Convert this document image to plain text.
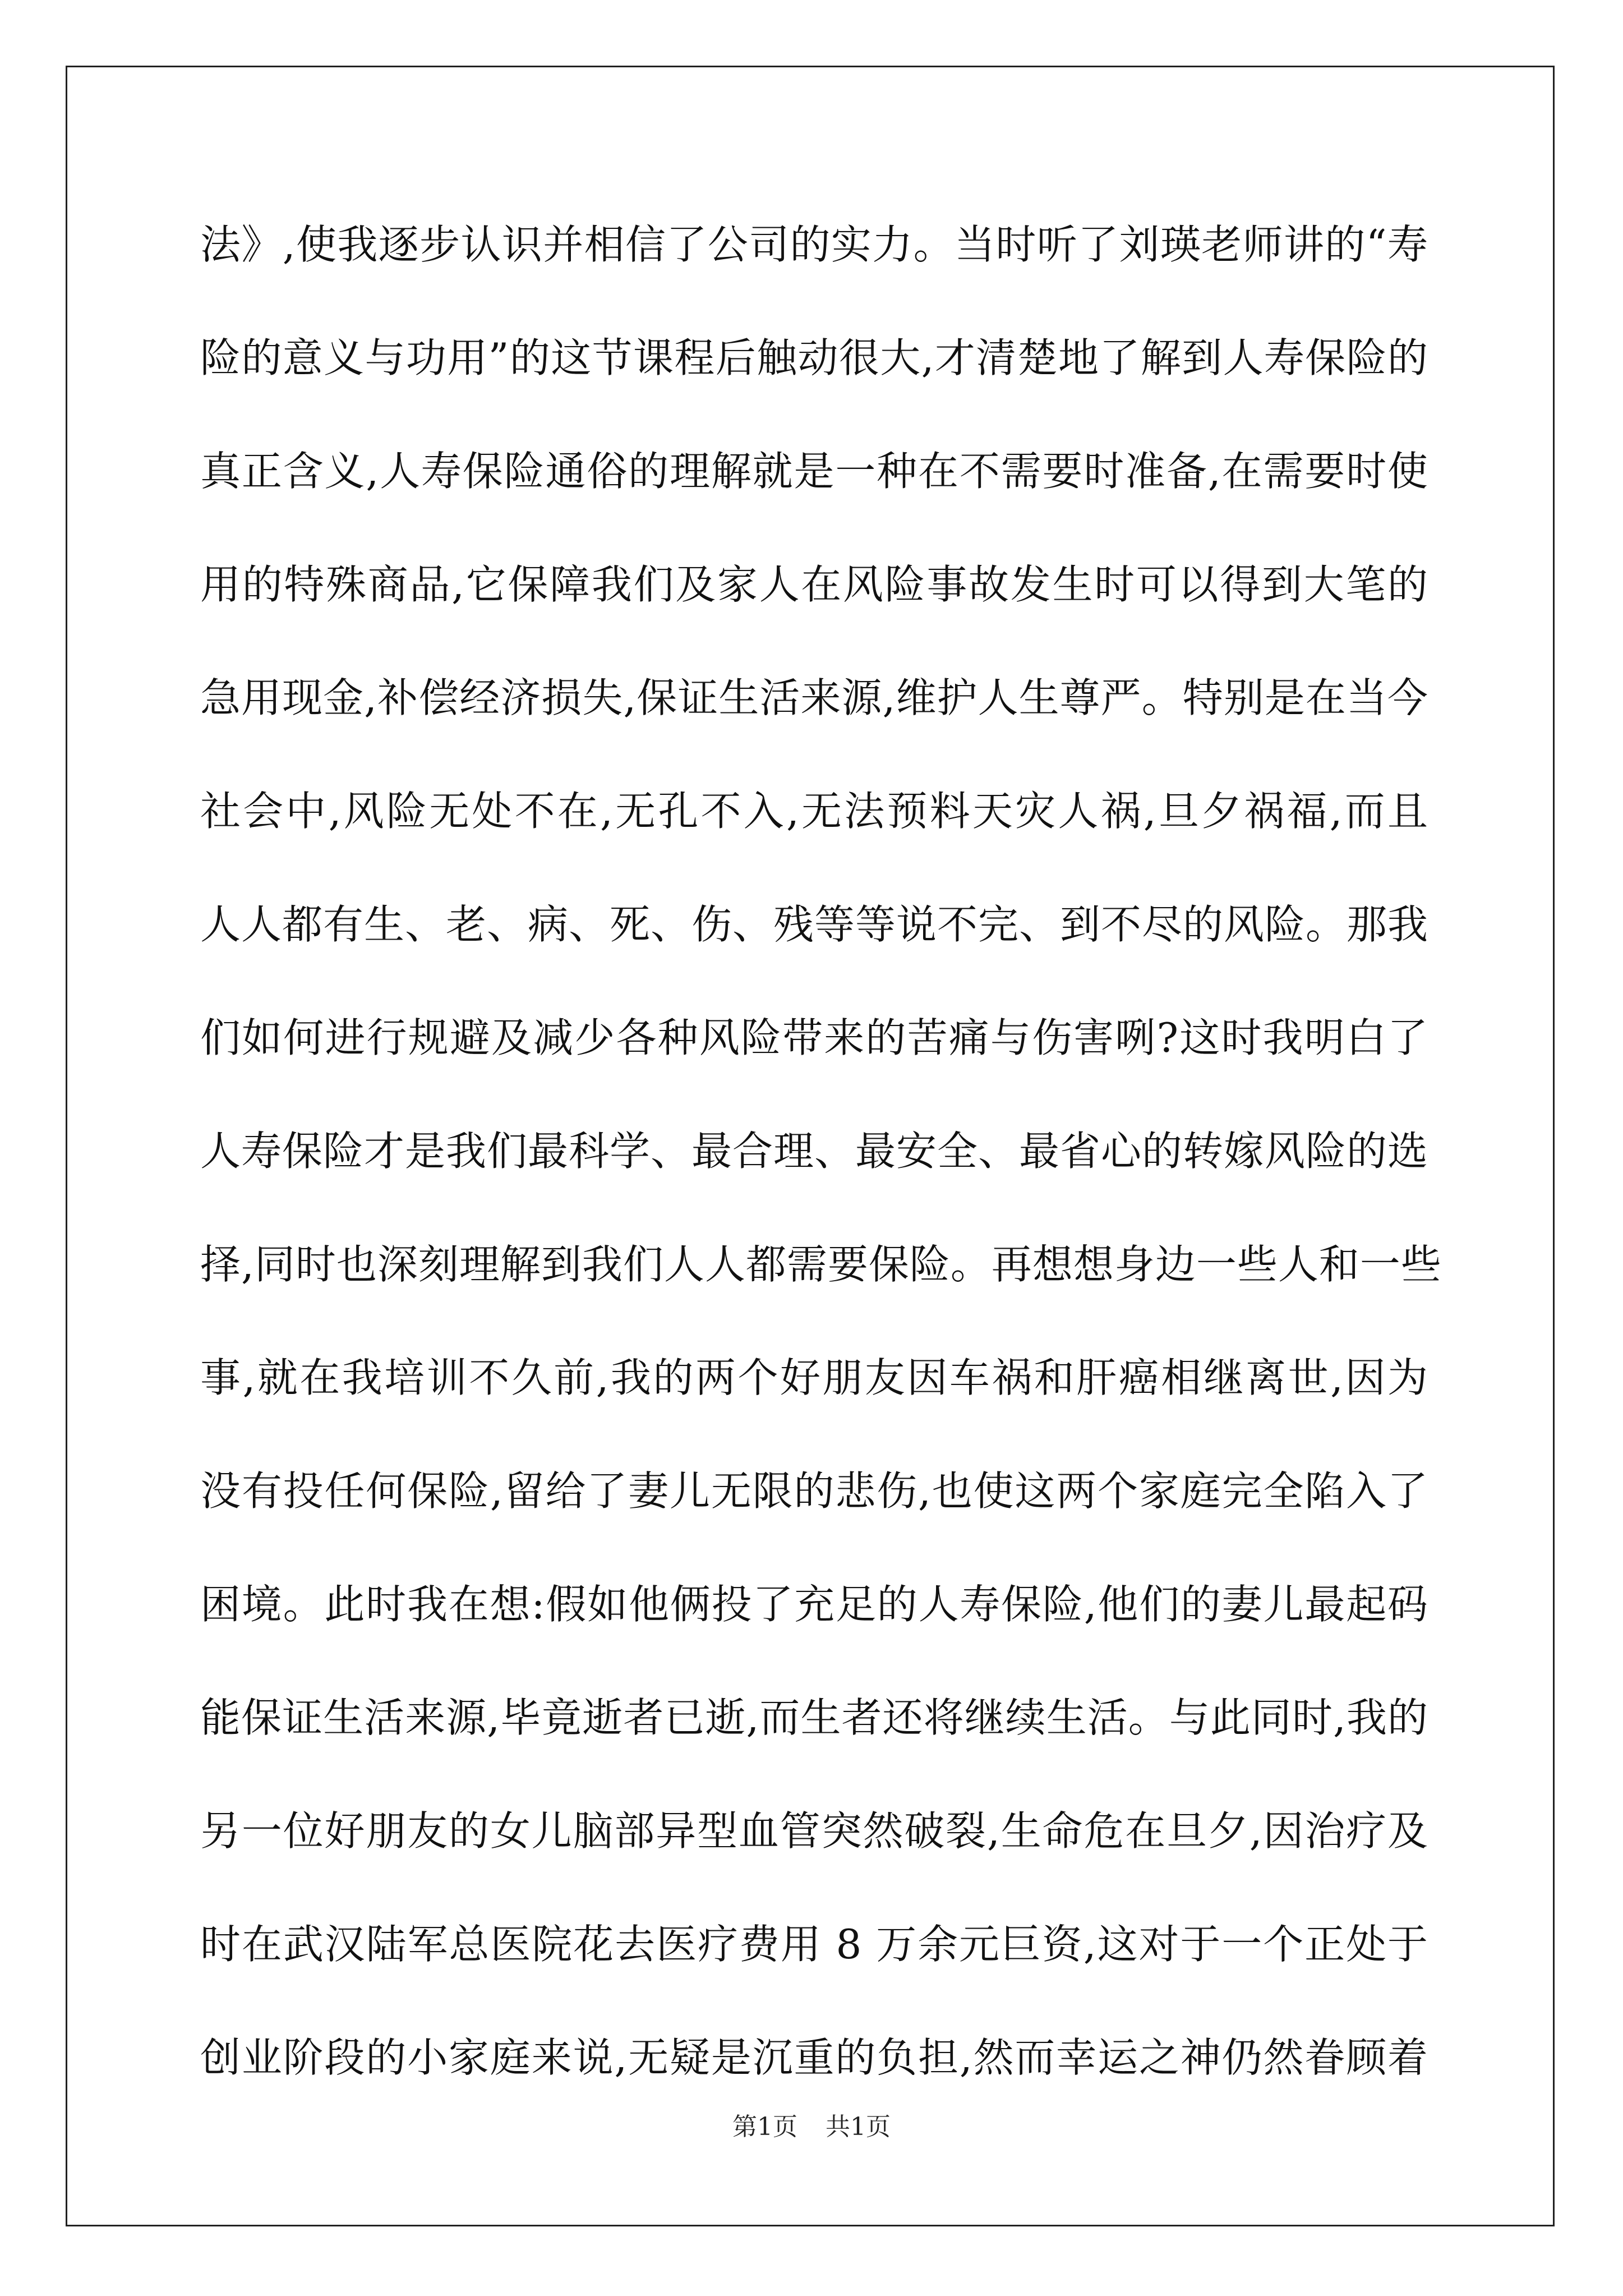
法》,使我逐步认识并相信了公司的实力。当时听了刘瑛老师讲的“寿
险的意义与功用”的这节课程后触动很大,才清楚地了解到人寿保险的
真正含义,人寿保险通俗的理解就是一种在不需要时准备,在需要时使
用的特殊商品,它保障我们及家人在风险事故发生时可以得到大笔的
急用现金,补偿经济损失,保证生活来源,维护人生尊严。特别是在当今
社会中,风险无处不在,无孔不入,无法预料天灾人祸,旦夕祸福,而且
人人都有生、老、病、死、伤、残等等说不完、到不尽的风险。那我
们如何进行规避及减少各种风险带来的苦痛与伤害咧?这时我明白了
人寿保险才是我们最科学、最合理、最安全、最省心的转嫁风险的选
择,同时也深刻理解到我们人人都需要保险。再想想身边一些人和一些
事,就在我培训不久前,我的两个好朋友因车祸和肝癌相继离世,因为
没有投任何保险,留给了妻儿无限的悲伤,也使这两个家庭完全陷入了
困境。此时我在想:假如他俩投了充足的人寿保险,他们的妻儿最起码
能保证生活来源,毕竟逝者已逝,而生者还将继续生活。与此同时,我的
另一位好朋友的女儿脑部异型血管突然破裂,生命危在旦夕,因治疗及
时在武汉陆军总医院花去医疗费用 8 万余元巨资,这对于一个正处于
创业阶段的小家庭来说,无疑是沉重的负担,然而幸运之神仍然眷顾着
第1页 共1页
